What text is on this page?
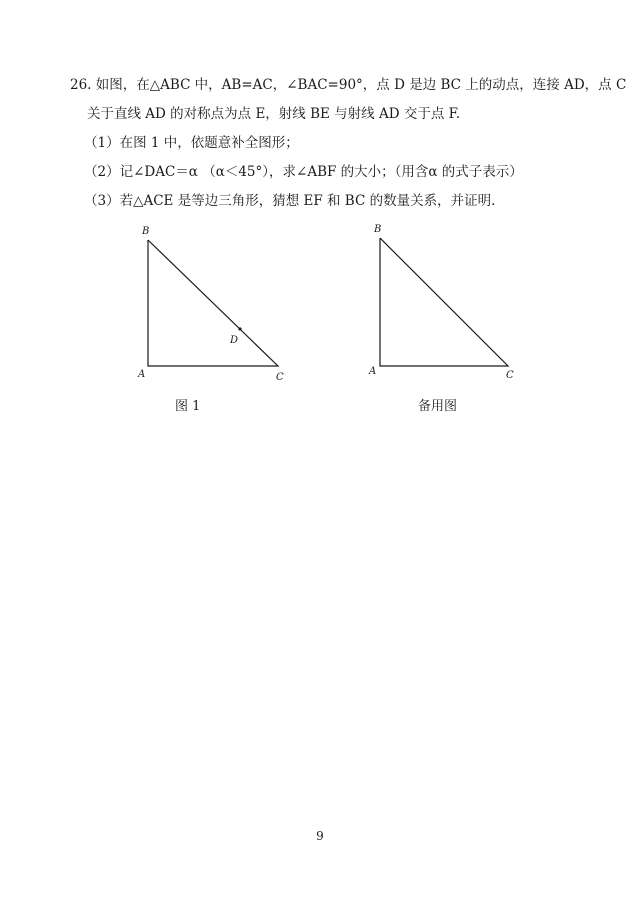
26. 如图，在△ABC 中，AB=AC，∠BAC=90°，点 D 是边 BC 上的动点，连接 AD，点 C
关于直线 AD 的对称点为点 E，射线 BE 与射线 AD 交于点 F.
（1）在图 1 中，依题意补全图形；
（2）记∠DAC＝α （α＜45°），求∠ABF 的大小；（用含α 的式子表示）
（3）若△ACE 是等边三角形，猜想 EF 和 BC 的数量关系，并证明.
B
A	C
D
B
A	C
图 1	备用图
9
